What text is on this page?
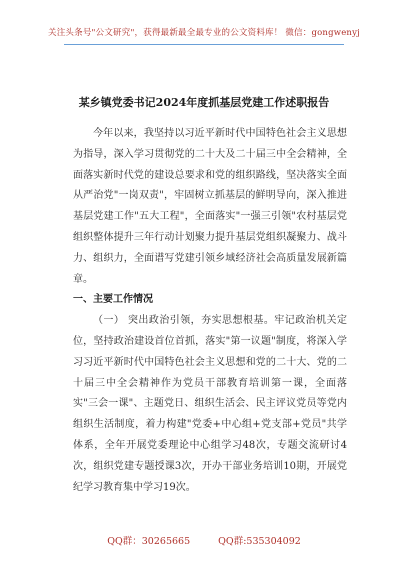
关注头条号"公文研究"，获得最新最全最专业的公文资料库！ 微信：gongwenyj
某乡镇党委书记2024年度抓基层党建工作述职报告

今年以来，我坚持以习近平新时代中国特色社会主义思想为指导，深入学习贯彻党的二十大及二十届三中全会精神，全面落实新时代党的建设总要求和党的组织路线，坚决落实全面从严治党"一岗双责"，牢固树立抓基层的鲜明导向，深入推进基层党建工作"五大工程"，全面落实"一强三引领"农村基层党组织整体提升三年行动计划聚力提升基层党组织凝聚力、战斗力、组织力，全面谱写党建引领乡域经济社会高质量发展新篇章。

一、主要工作情况

（一） 突出政治引领，夯实思想根基。牢记政治机关定位，坚持政治建设首位首抓，落实"第一议题"制度，将深入学习习近平新时代中国特色社会主义思想和党的二十大、党的二十届三中全会精神作为党员干部教育培训第一课，全面落实"三会一课"、主题党日、组织生活会、民主评议党员等党内组织生活制度，着力构建"党委+中心组+党支部+党员"共学体系，全年开展党委理论中心组学习48次，专题交流研讨4次，组织党建专题授课3次，开办干部业务培训10期，开展党纪学习教育集中学习19次。

QQ群：30265665	QQ群:535304092
